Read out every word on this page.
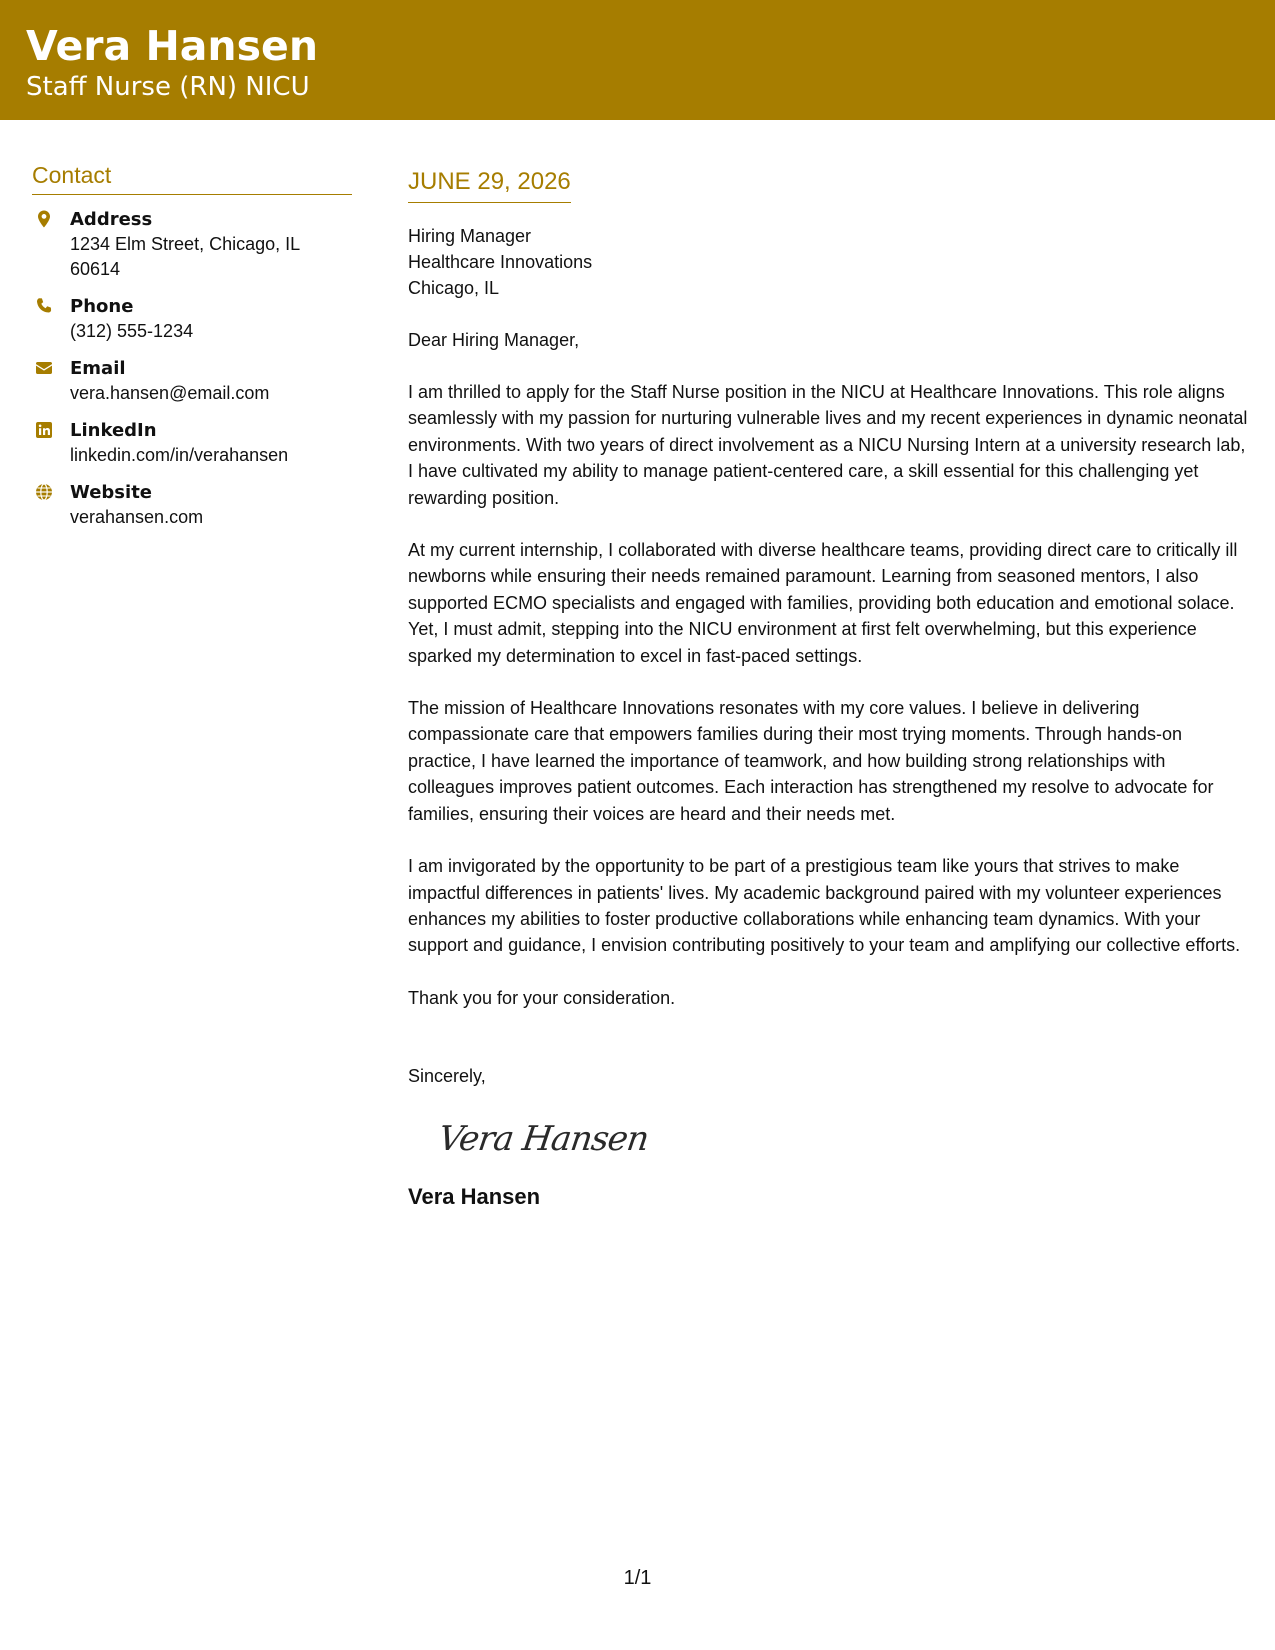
Vera Hansen
Staff Nurse (RN) NICU
Contact
Address
1234 Elm Street, Chicago, IL 60614
Phone
(312) 555-1234
Email
vera.hansen@email.com
LinkedIn
linkedin.com/in/verahansen
Website
verahansen.com
JUNE 29, 2026
Hiring Manager
Healthcare Innovations
Chicago, IL
Dear Hiring Manager,
I am thrilled to apply for the Staff Nurse position in the NICU at Healthcare Innovations. This role aligns seamlessly with my passion for nurturing vulnerable lives and my recent experiences in dynamic neonatal environments. With two years of direct involvement as a NICU Nursing Intern at a university research lab, I have cultivated my ability to manage patient-centered care, a skill essential for this challenging yet rewarding position.
At my current internship, I collaborated with diverse healthcare teams, providing direct care to critically ill newborns while ensuring their needs remained paramount. Learning from seasoned mentors, I also supported ECMO specialists and engaged with families, providing both education and emotional solace. Yet, I must admit, stepping into the NICU environment at first felt overwhelming, but this experience sparked my determination to excel in fast-paced settings.
The mission of Healthcare Innovations resonates with my core values. I believe in delivering compassionate care that empowers families during their most trying moments. Through hands-on practice, I have learned the importance of teamwork, and how building strong relationships with colleagues improves patient outcomes. Each interaction has strengthened my resolve to advocate for families, ensuring their voices are heard and their needs met.
I am invigorated by the opportunity to be part of a prestigious team like yours that strives to make impactful differences in patients' lives. My academic background paired with my volunteer experiences enhances my abilities to foster productive collaborations while enhancing team dynamics. With your support and guidance, I envision contributing positively to your team and amplifying our collective efforts.
Thank you for your consideration.
Sincerely,
Vera Hansen
Vera Hansen
1/1
